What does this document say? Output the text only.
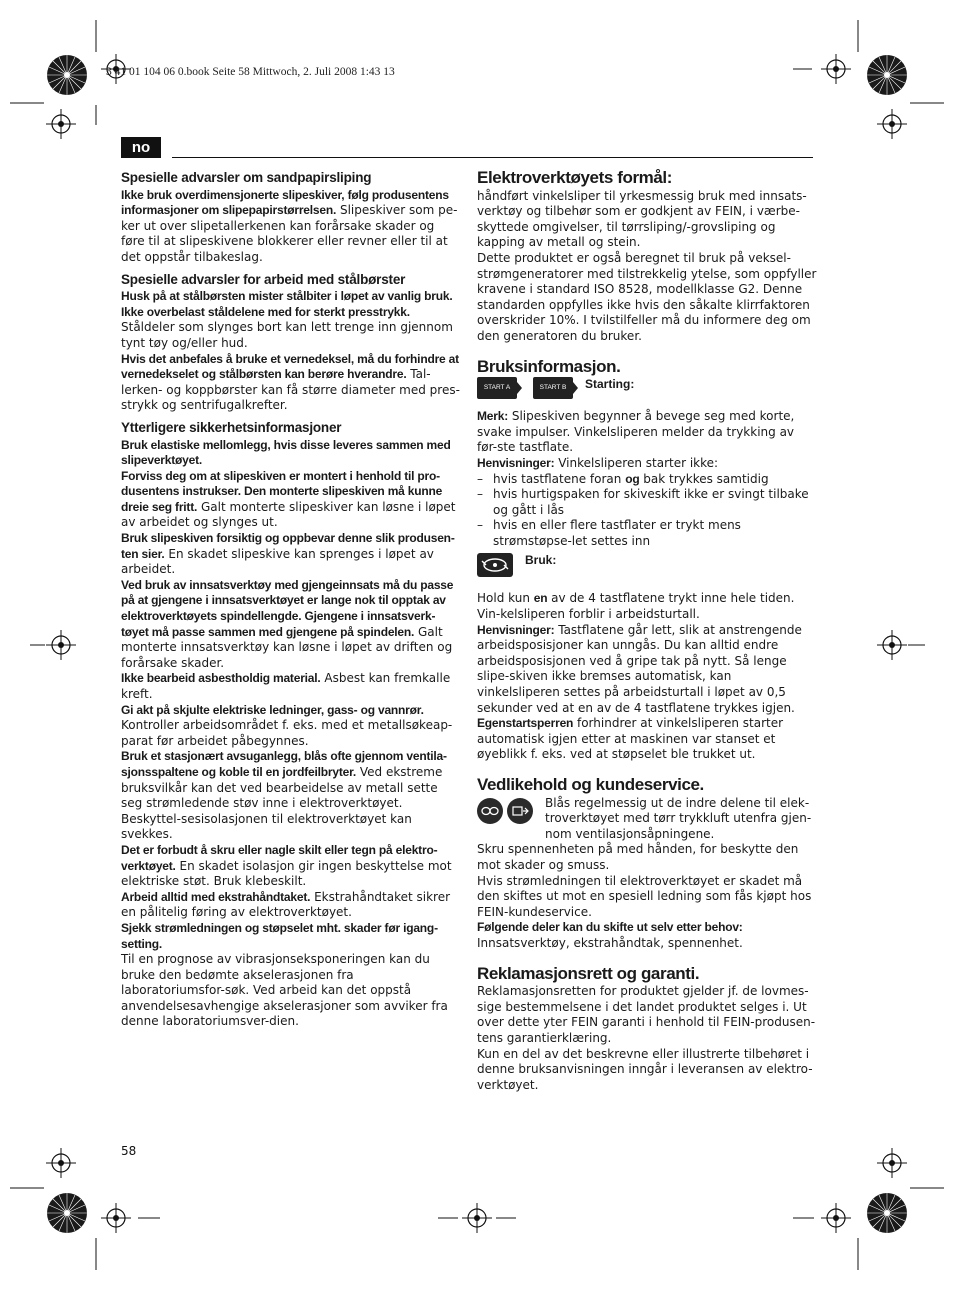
3 41 01 104 06 0.book Seite 58 Mittwoch, 2. Juli 2008 1:43 13
no
Spesielle advarsler om sandpapirsliping

Ikke bruk overdimensjonerte slipeskiver, følg produsentens informasjoner om slipepapirstørrelsen. Slipeskiver som pe-ker ut over slipetallerkenen kan forårsake skader og føre til at slipeskivene blokkerer eller revner eller til at det oppstår tilbakeslag.

Spesielle advarsler for arbeid med stålbørster

Husk på at stålbørsten mister stålbiter i løpet av vanlig bruk. Ikke overbelast ståldelene med for sterkt presstrykk. Ståldeler som slynges bort kan lett trenge inn gjennom tynt tøy og/eller hud.

Hvis det anbefales å bruke et vernedeksel, må du forhindre at vernedekselet og stålbørsten kan berøre hverandre. Tal-lerken- og koppbørster kan få større diameter med pres-strykk og sentrifugalkrefter.

Ytterligere sikkerhetsinformasjoner

Bruk elastiske mellomlegg, hvis disse leveres sammen med slipeverktøyet.

Forviss deg om at slipeskiven er montert i henhold til pro-dusentens instrukser. Den monterte slipeskiven må kunne dreie seg fritt. Galt monterte slipeskiver kan løsne i løpet av arbeidet og slynges ut.

Bruk slipeskiven forsiktig og oppbevar denne slik produsen-ten sier. En skadet slipeskive kan sprenges i løpet av arbeidet.

Ved bruk av innsatsverktøy med gjengeinnsats må du passe på at gjengene i innsatsverktøyet er lange nok til opptak av elektroverktøyets spindellengde. Gjengene i innsatsverk-tøyet må passe sammen med gjengene på spindelen. Galt monterte innsatsverktøy kan løsne i løpet av driften og forårsake skader.

Ikke bearbeid asbestholdig material. Asbest kan fremkalle kreft.

Gi akt på skjulte elektriske ledninger, gass- og vannrør. Kontroller arbeidsområdet f. eks. med et metallsøkeap-parat før arbeidet påbegynnes.

Bruk et stasjonært avsuganlegg, blås ofte gjennom ventila-sjonsspaltene og koble til en jordfeilbryter. Ved ekstreme bruksvilkår kan det ved bearbeidelse av metall sette seg strømledende støv inne i elektroverktøyet. Beskyttel-sesisolasjonen til elektroverktøyet kan svekkes.

Det er forbudt å skru eller nagle skilt eller tegn på elektro-verktøyet. En skadet isolasjon gir ingen beskyttelse mot elektriske støt. Bruk klebeskilt.

Arbeid alltid med ekstrahåndtaket. Ekstrahåndtaket sikrer en pålitelig føring av elektroverktøyet.

Sjekk strømledningen og støpselet mht. skader før igang-setting.

Til en prognose av vibrasjonseksponeringen kan du bruke den bedømte akselerasjonen fra laboratoriumsfor-søk. Ved arbeid kan det oppstå anvendelsesavhengige akselerasjoner som avviker fra denne laboratoriumsver-dien.

Elektroverktøyets formål:

håndført vinkelsliper til yrkesmessig bruk med innsats-verktøy og tilbehør som er godkjent av FEIN, i værbe-skyttede omgivelser, til tørrsliping/-grovsliping og kapping av metall og stein.

Dette produktet er også beregnet til bruk på veksel-strømgeneratorer med tilstrekkelig ytelse, som oppfyller kravene i standard ISO 8528, modellklasse G2. Denne standarden oppfylles ikke hvis den såkalte klirrfaktoren overskrider 10%. I tvilstilfeller må du informere deg om den generatoren du bruker.

Bruksinformasjon.
START A	START B	Starting:

Merk: Slipeskiven begynner å bevege seg med korte, svake impulser. Vinkelsliperen melder da trykking av før-ste tastflate.

Henvisninger: Vinkelsliperen starter ikke:

– hvis tastflatene foran og bak trykkes samtidig
– hvis hurtigspaken for skiveskift ikke er svingt tilbake og gått i lås
– hvis en eller flere tastflater er trykt mens strømstøpse-let settes inn
Bruk:

Hold kun en av de 4 tastflatene trykt inne hele tiden. Vin-kelsliperen forblir i arbeidsturtall.

Henvisninger: Tastflatene går lett, slik at anstrengende arbeidsposisjoner kan unngås. Du kan alltid endre arbeidsposisjonen ved å gripe tak på nytt. Så lenge slipe-skiven ikke bremses automatisk, kan vinkelsliperen settes på arbeidsturtall i løpet av 0,5 sekunder ved at en av de 4 tastflatene trykkes igjen.

Egenstartsperren forhindrer at vinkelsliperen starter automatisk igjen etter at maskinen var stanset et øyeblikk f. eks. ved at støpselet ble trukket ut.

Vedlikehold og kundeservice.

Blås regelmessig ut de indre delene til elek-troverktøyet med tørr trykkluft utenfra gjen-nom ventilasjonsåpningene.

Skru spennenheten på med hånden, for beskytte den mot skader og smuss.

Hvis strømledningen til elektroverktøyet er skadet må den skiftes ut mot en spesiell ledning som fås kjøpt hos FEIN-kundeservice.

Følgende deler kan du skifte ut selv etter behov:

Innsatsverktøy, ekstrahåndtak, spennenhet.

Reklamasjonsrett og garanti.

Reklamasjonsretten for produktet gjelder jf. de lovmes-sige bestemmelsene i det landet produktet selges i. Ut over dette yter FEIN garanti i henhold til FEIN-produsen-tens garantierklæring.

Kun en del av det beskrevne eller illustrerte tilbehøret i denne bruksanvisningen inngår i leveransen av elektro-verktøyet.

58
